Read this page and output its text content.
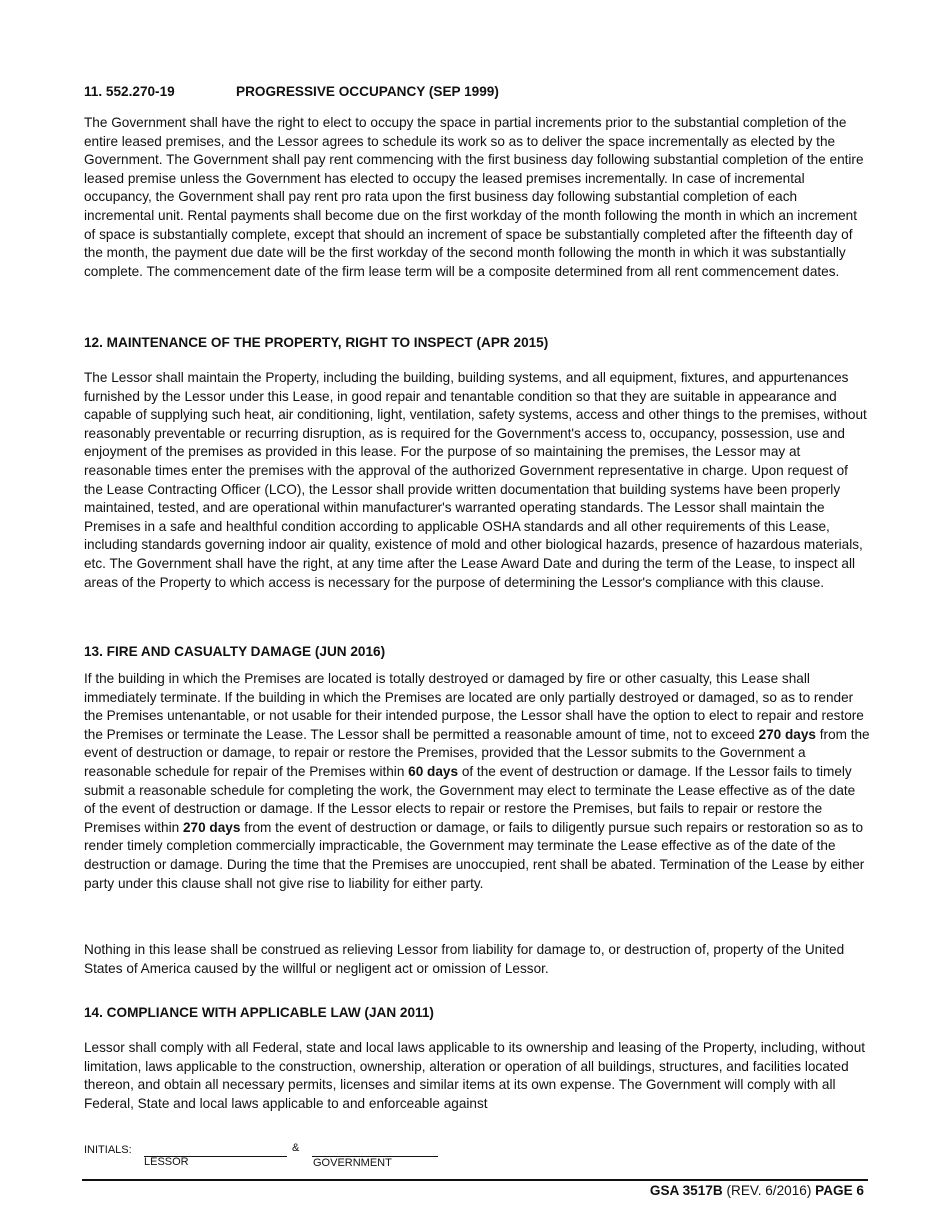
11. 552.270-19	PROGRESSIVE OCCUPANCY (SEP 1999)

The Government shall have the right to elect to occupy the space in partial increments prior to the substantial completion of the entire leased premises, and the Lessor agrees to schedule its work so as to deliver the space incrementally as elected by the Government. The Government shall pay rent commencing with the first business day following substantial completion of the entire leased premise unless the Government has elected to occupy the leased premises incrementally. In case of incremental occupancy, the Government shall pay rent pro rata upon the first business day following substantial completion of each incremental unit. Rental payments shall become due on the first workday of the month following the month in which an increment of space is substantially complete, except that should an increment of space be substantially completed after the fifteenth day of the month, the payment due date will be the first workday of the second month following the month in which it was substantially complete. The commencement date of the firm lease term will be a composite determined from all rent commencement dates.

12. MAINTENANCE OF THE PROPERTY, RIGHT TO INSPECT (APR 2015)

The Lessor shall maintain the Property, including the building, building systems, and all equipment, fixtures, and appurtenances furnished by the Lessor under this Lease, in good repair and tenantable condition so that they are suitable in appearance and capable of supplying such heat, air conditioning, light, ventilation, safety systems, access and other things to the premises, without reasonably preventable or recurring disruption, as is required for the Government's access to, occupancy, possession, use and enjoyment of the premises as provided in this lease. For the purpose of so maintaining the premises, the Lessor may at reasonable times enter the premises with the approval of the authorized Government representative in charge. Upon request of the Lease Contracting Officer (LCO), the Lessor shall provide written documentation that building systems have been properly maintained, tested, and are operational within manufacturer's warranted operating standards. The Lessor shall maintain the Premises in a safe and healthful condition according to applicable OSHA standards and all other requirements of this Lease, including standards governing indoor air quality, existence of mold and other biological hazards, presence of hazardous materials, etc. The Government shall have the right, at any time after the Lease Award Date and during the term of the Lease, to inspect all areas of the Property to which access is necessary for the purpose of determining the Lessor's compliance with this clause.

13. FIRE AND CASUALTY DAMAGE (JUN 2016)

If the building in which the Premises are located is totally destroyed or damaged by fire or other casualty, this Lease shall immediately terminate. If the building in which the Premises are located are only partially destroyed or damaged, so as to render the Premises untenantable, or not usable for their intended purpose, the Lessor shall have the option to elect to repair and restore the Premises or terminate the Lease. The Lessor shall be permitted a reasonable amount of time, not to exceed 270 days from the event of destruction or damage, to repair or restore the Premises, provided that the Lessor submits to the Government a reasonable schedule for repair of the Premises within 60 days of the event of destruction or damage. If the Lessor fails to timely submit a reasonable schedule for completing the work, the Government may elect to terminate the Lease effective as of the date of the event of destruction or damage. If the Lessor elects to repair or restore the Premises, but fails to repair or restore the Premises within 270 days from the event of destruction or damage, or fails to diligently pursue such repairs or restoration so as to render timely completion commercially impracticable, the Government may terminate the Lease effective as of the date of the destruction or damage. During the time that the Premises are unoccupied, rent shall be abated. Termination of the Lease by either party under this clause shall not give rise to liability for either party.

Nothing in this lease shall be construed as relieving Lessor from liability for damage to, or destruction of, property of the United States of America caused by the willful or negligent act or omission of Lessor.

14. COMPLIANCE WITH APPLICABLE LAW (JAN 2011)

Lessor shall comply with all Federal, state and local laws applicable to its ownership and leasing of the Property, including, without limitation, laws applicable to the construction, ownership, alteration or operation of all buildings, structures, and facilities located thereon, and obtain all necessary permits, licenses and similar items at its own expense. The Government will comply with all Federal, State and local laws applicable to and enforceable against

INITIALS:	&
LESSOR	GOVERNMENT
GSA 3517B (REV. 6/2016) PAGE 6
